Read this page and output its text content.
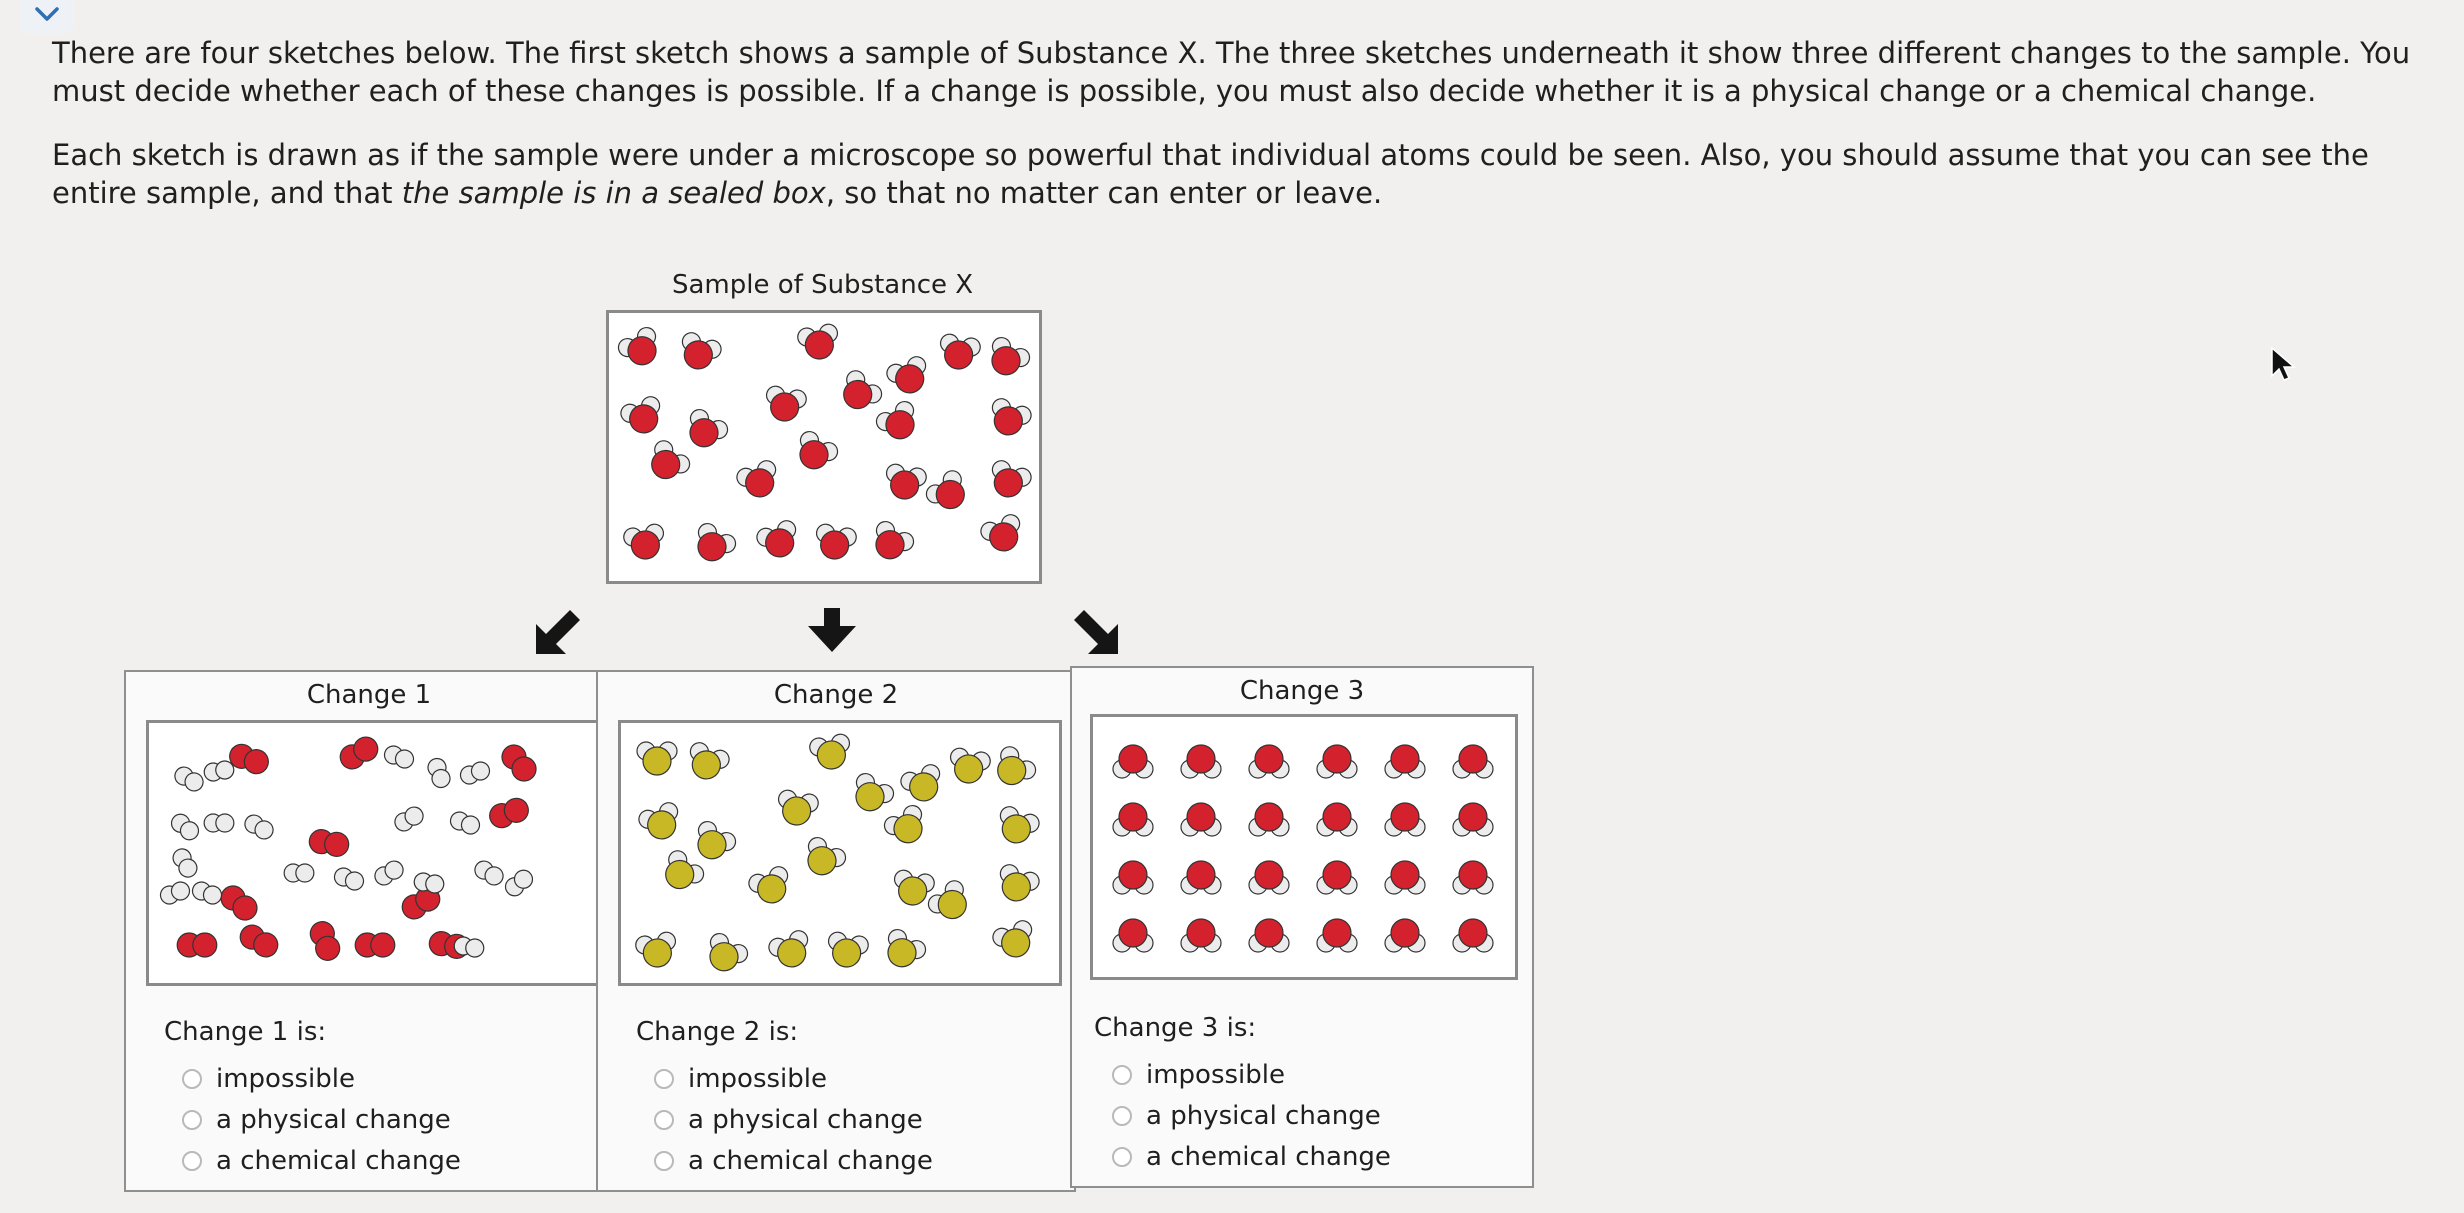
There are four sketches below. The first sketch shows a sample of Substance X. The three sketches underneath it show three different changes to the sample. You must decide whether each of these changes is possible. If a change is possible, you must also decide whether it is a physical change or a chemical change.

Each sketch is drawn as if the sample were under a microscope so powerful that individual atoms could be seen. Also, you should assume that you can see the entire sample, and that the sample is in a sealed box, so that no matter can enter or leave.

Sample of Substance X
Change 1
Change 1 is:
impossible
a physical change
a chemical change
Change 2
Change 2 is:
impossible
a physical change
a chemical change
Change 3
Change 3 is:
impossible
a physical change
a chemical change
